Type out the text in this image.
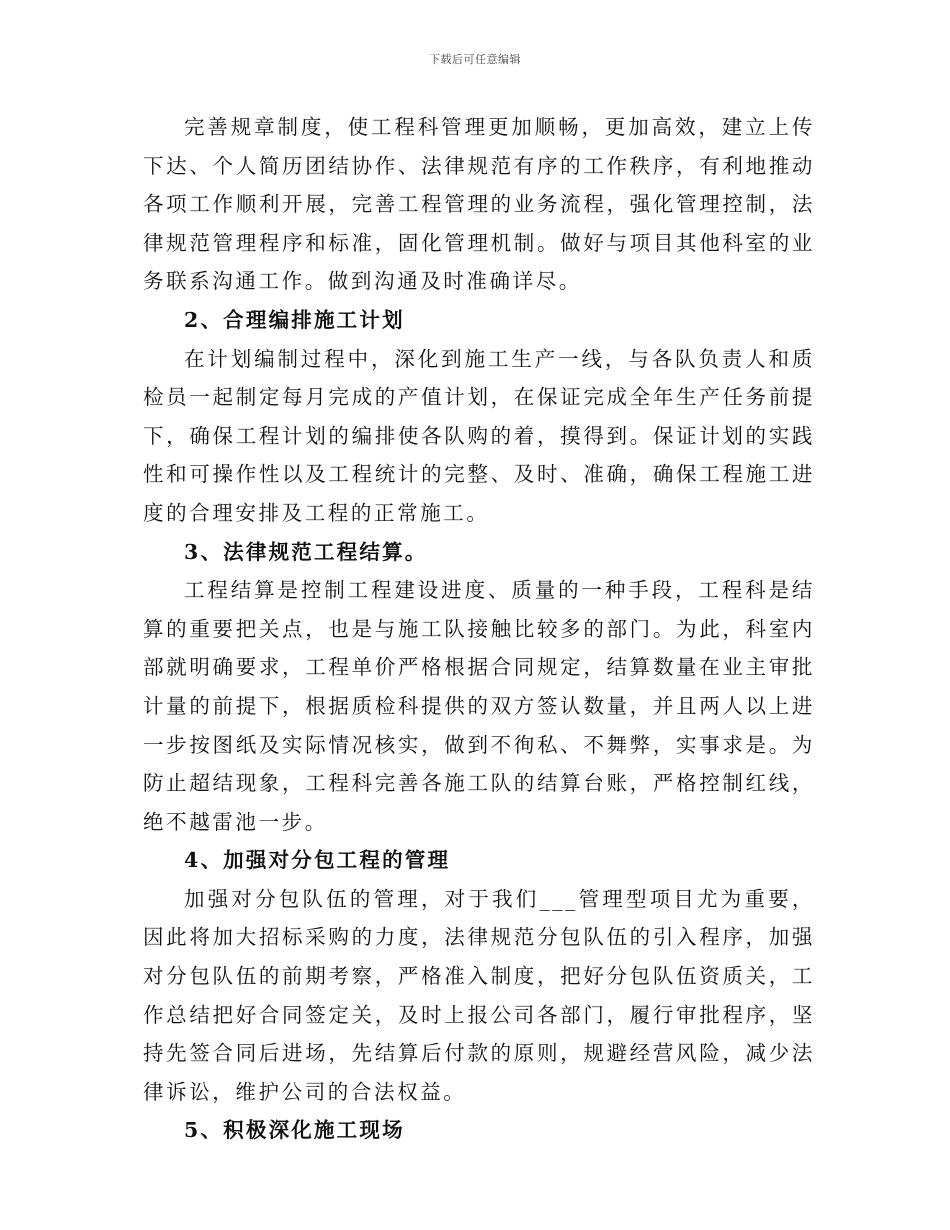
下载后可任意编辑

完善规章制度，使工程科管理更加顺畅，更加高效，建立上传下达、个人简历团结协作、法律规范有序的工作秩序，有利地推动各项工作顺利开展，完善工程管理的业务流程，强化管理控制，法律规范管理程序和标准，固化管理机制。做好与项目其他科室的业务联系沟通工作。做到沟通及时准确详尽。

2、合理编排施工计划

在计划编制过程中，深化到施工生产一线，与各队负责人和质检员一起制定每月完成的产值计划，在保证完成全年生产任务前提下，确保工程计划的编排使各队购的着，摸得到。保证计划的实践性和可操作性以及工程统计的完整、及时、准确，确保工程施工进度的合理安排及工程的正常施工。

3、法律规范工程结算。

工程结算是控制工程建设进度、质量的一种手段，工程科是结算的重要把关点，也是与施工队接触比较多的部门。为此，科室内部就明确要求，工程单价严格根据合同规定，结算数量在业主审批计量的前提下，根据质检科提供的双方签认数量，并且两人以上进一步按图纸及实际情况核实，做到不徇私、不舞弊，实事求是。为防止超结现象，工程科完善各施工队的结算台账，严格控制红线，绝不越雷池一步。

4、加强对分包工程的管理

加强对分包队伍的管理，对于我们___管理型项目尤为重要，因此将加大招标采购的力度，法律规范分包队伍的引入程序，加强对分包队伍的前期考察，严格准入制度，把好分包队伍资质关，工作总结把好合同签定关，及时上报公司各部门，履行审批程序，坚持先签合同后进场，先结算后付款的原则，规避经营风险，减少法律诉讼，维护公司的合法权益。

5、积极深化施工现场
